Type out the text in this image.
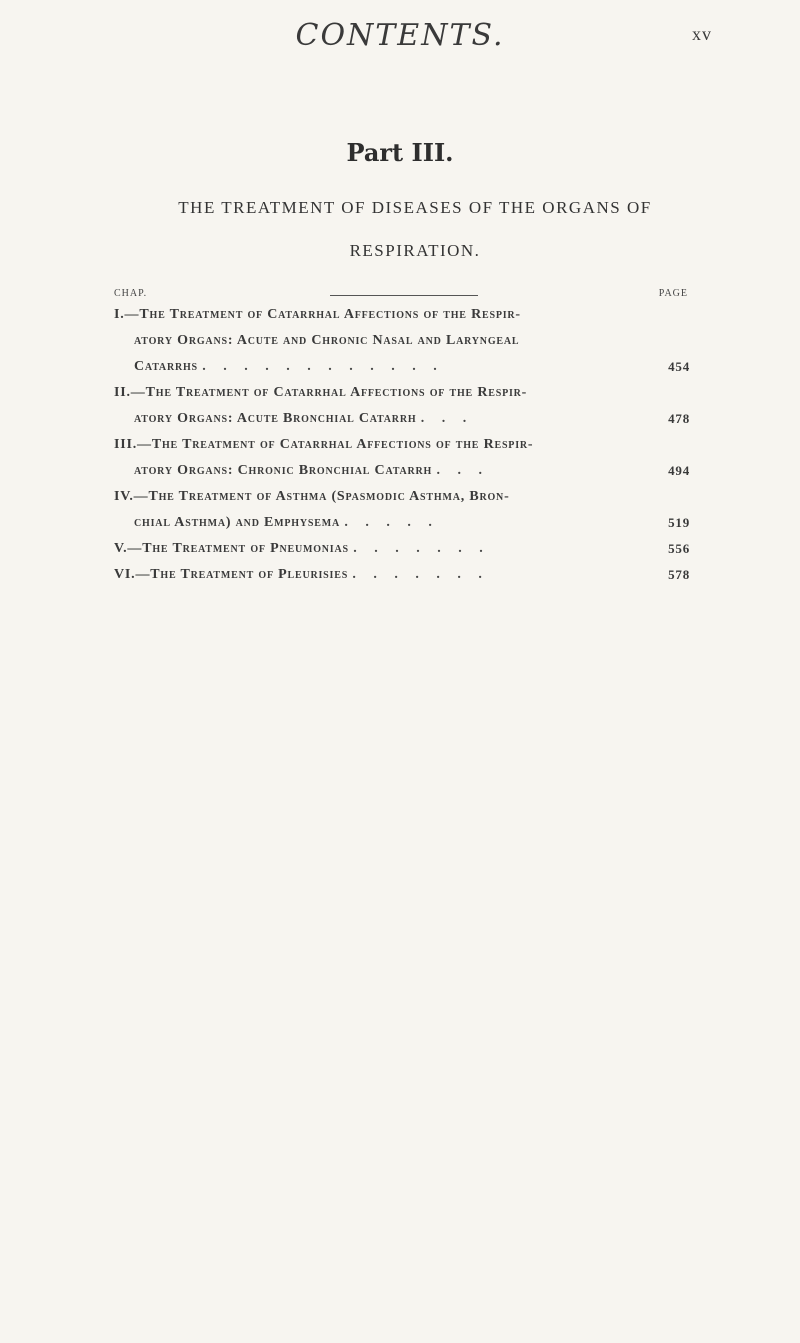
CONTENTS.	xv
Part III.
THE TREATMENT OF DISEASES OF THE ORGANS OF
RESPIRATION.
CHAP.	PAGE
I.—The Treatment of Catarrhal Affections of the Respir-
atory Organs: Acute and Chronic Nasal and Laryngeal
Catarrhs . . . . . . . . . . . .	454
II.—The Treatment of Catarrhal Affections of the Respir-
atory Organs: Acute Bronchial Catarrh . . .	478
III.—The Treatment of Catarrhal Affections of the Respir-
atory Organs: Chronic Bronchial Catarrh . . .	494
IV.—The Treatment of Asthma (Spasmodic Asthma, Bron-
chial Asthma) and Emphysema . . . . .	519
V.—The Treatment of Pneumonias . . . . . . .	556
VI.—The Treatment of Pleurisies . . . . . . .	578
